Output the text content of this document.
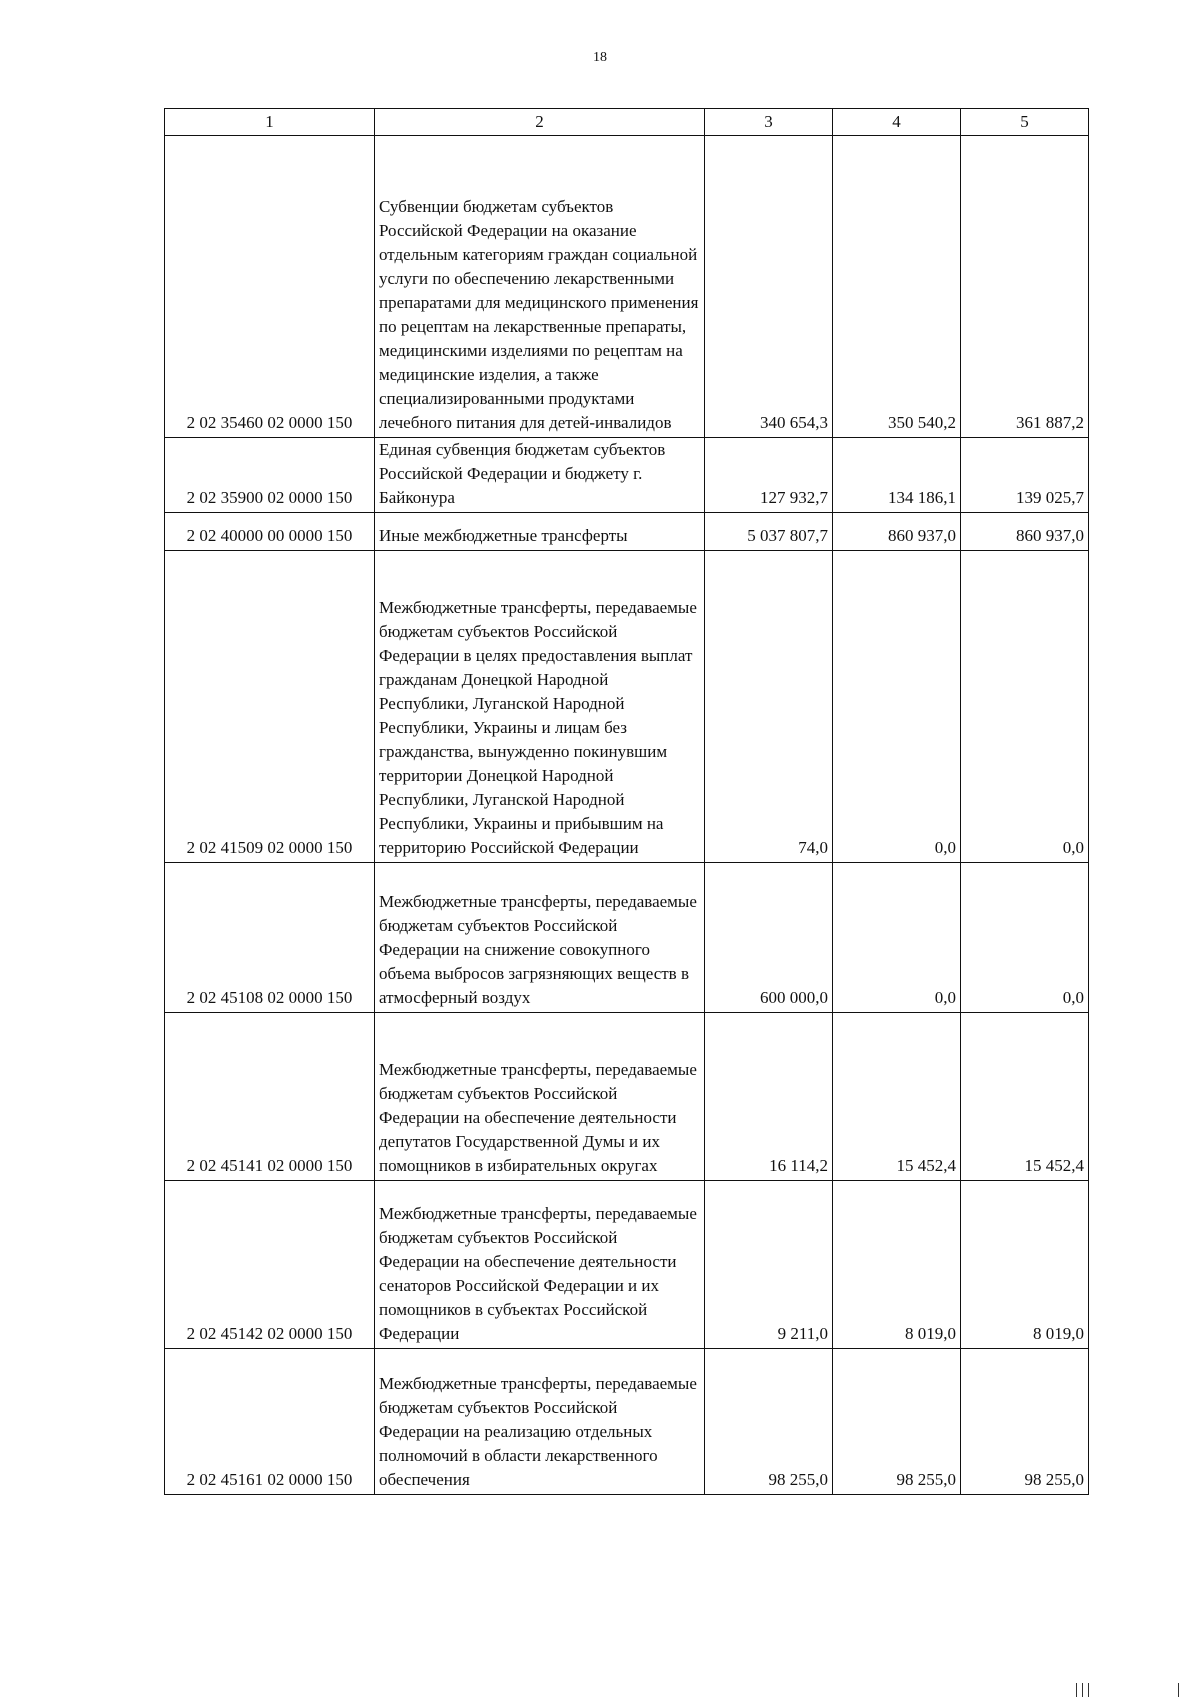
18
1	2	3	4	5
2 02 35460 02 0000 150	Субвенции бюджетам субъектов Российской Федерации на оказание отдельным категориям граждан социальной услуги по обеспечению лекарственными препаратами для медицинского применения по рецептам на лекарственные препараты, медицинскими изделиями по рецептам на медицинские изделия, а также специализированными продуктами лечебного питания для детей-инвалидов	340 654,3	350 540,2	361 887,2
2 02 35900 02 0000 150	Единая субвенция бюджетам субъектов Российской Федерации и бюджету г. Байконура	127 932,7	134 186,1	139 025,7
2 02 40000 00 0000 150	Иные межбюджетные трансферты	5 037 807,7	860 937,0	860 937,0
2 02 41509 02 0000 150	Межбюджетные трансферты, передаваемые бюджетам субъектов Российской Федерации в целях предоставления выплат гражданам Донецкой Народной Республики, Луганской Народной Республики, Украины и лицам без гражданства, вынужденно покинувшим территории Донецкой Народной Республики, Луганской Народной Республики, Украины и прибывшим на территорию Российской Федерации	74,0	0,0	0,0
2 02 45108 02 0000 150	Межбюджетные трансферты, передаваемые бюджетам субъектов Российской Федерации на снижение совокупного объема выбросов загрязняющих веществ в атмосферный воздух	600 000,0	0,0	0,0
2 02 45141 02 0000 150	Межбюджетные трансферты, передаваемые бюджетам субъектов Российской Федерации на обеспечение деятельности депутатов Государственной Думы и их помощников в избирательных округах	16 114,2	15 452,4	15 452,4
2 02 45142 02 0000 150	Межбюджетные трансферты, передаваемые бюджетам субъектов Российской Федерации на обеспечение деятельности сенаторов Российской Федерации и их помощников в субъектах Российской Федерации	9 211,0	8 019,0	8 019,0
2 02 45161 02 0000 150	Межбюджетные трансферты, передаваемые бюджетам субъектов Российской Федерации на реализацию отдельных полномочий в области лекарственного обеспечения	98 255,0	98 255,0	98 255,0
